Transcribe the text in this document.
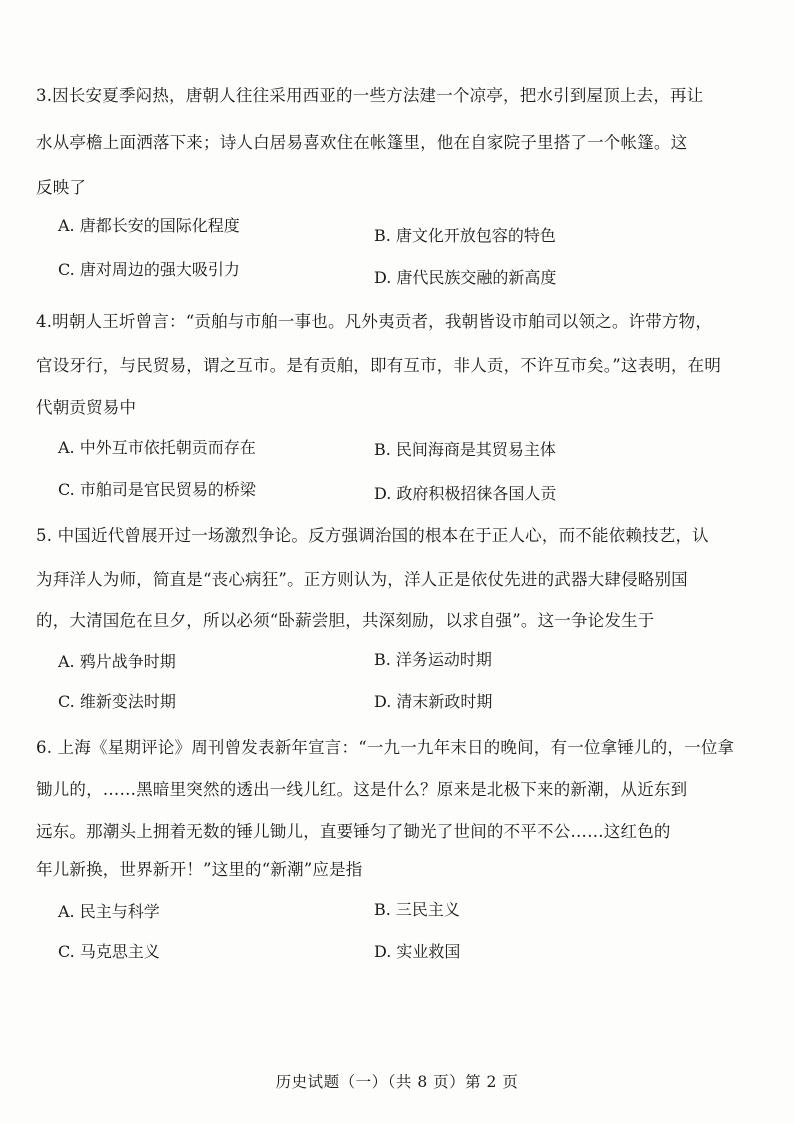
3.因长安夏季闷热，唐朝人往往采用西亚的一些方法建一个凉亭，把水引到屋顶上去，再让
水从亭檐上面洒落下来；诗人白居易喜欢住在帐篷里，他在自家院子里搭了一个帐篷。这
反映了
A. 唐都长安的国际化程度
B. 唐文化开放包容的特色
C. 唐对周边的强大吸引力	D. 唐代民族交融的新高度
4.明朝人王圻曾言：“贡舶与市舶一事也。凡外夷贡者，我朝皆设市舶司以领之。许带方物，
官设牙行，与民贸易，谓之互市。是有贡舶，即有互市，非人贡，不许互市矣。”这表明，在明
代朝贡贸易中
A. 中外互市依托朝贡而存在	B. 民间海商是其贸易主体
C. 市舶司是官民贸易的桥梁	D. 政府积极招徕各国人贡
5. 中国近代曾展开过一场激烈争论。反方强调治国的根本在于正人心，而不能依赖技艺，认
为拜洋人为师，简直是“丧心病狂”。正方则认为，洋人正是依仗先进的武器大肆侵略别国
的，大清国危在旦夕，所以必须“卧薪尝胆，共深刻励，以求自强”。这一争论发生于
A. 鸦片战争时期	B. 洋务运动时期
C. 维新变法时期	D. 清末新政时期
6. 上海《星期评论》周刊曾发表新年宣言：“一九一九年末日的晚间，有一位拿锤儿的，一位拿
锄儿的，……黑暗里突然的透出一线儿红。这是什么？原来是北极下来的新潮，从近东到
远东。那潮头上拥着无数的锤儿锄儿，直要锤匀了锄光了世间的不平不公……这红色的
年儿新换，世界新开！”这里的“新潮”应是指
A. 民主与科学	B. 三民主义
C. 马克思主义	D. 实业救国
历史试题（一）（共 8 页）第 2 页
